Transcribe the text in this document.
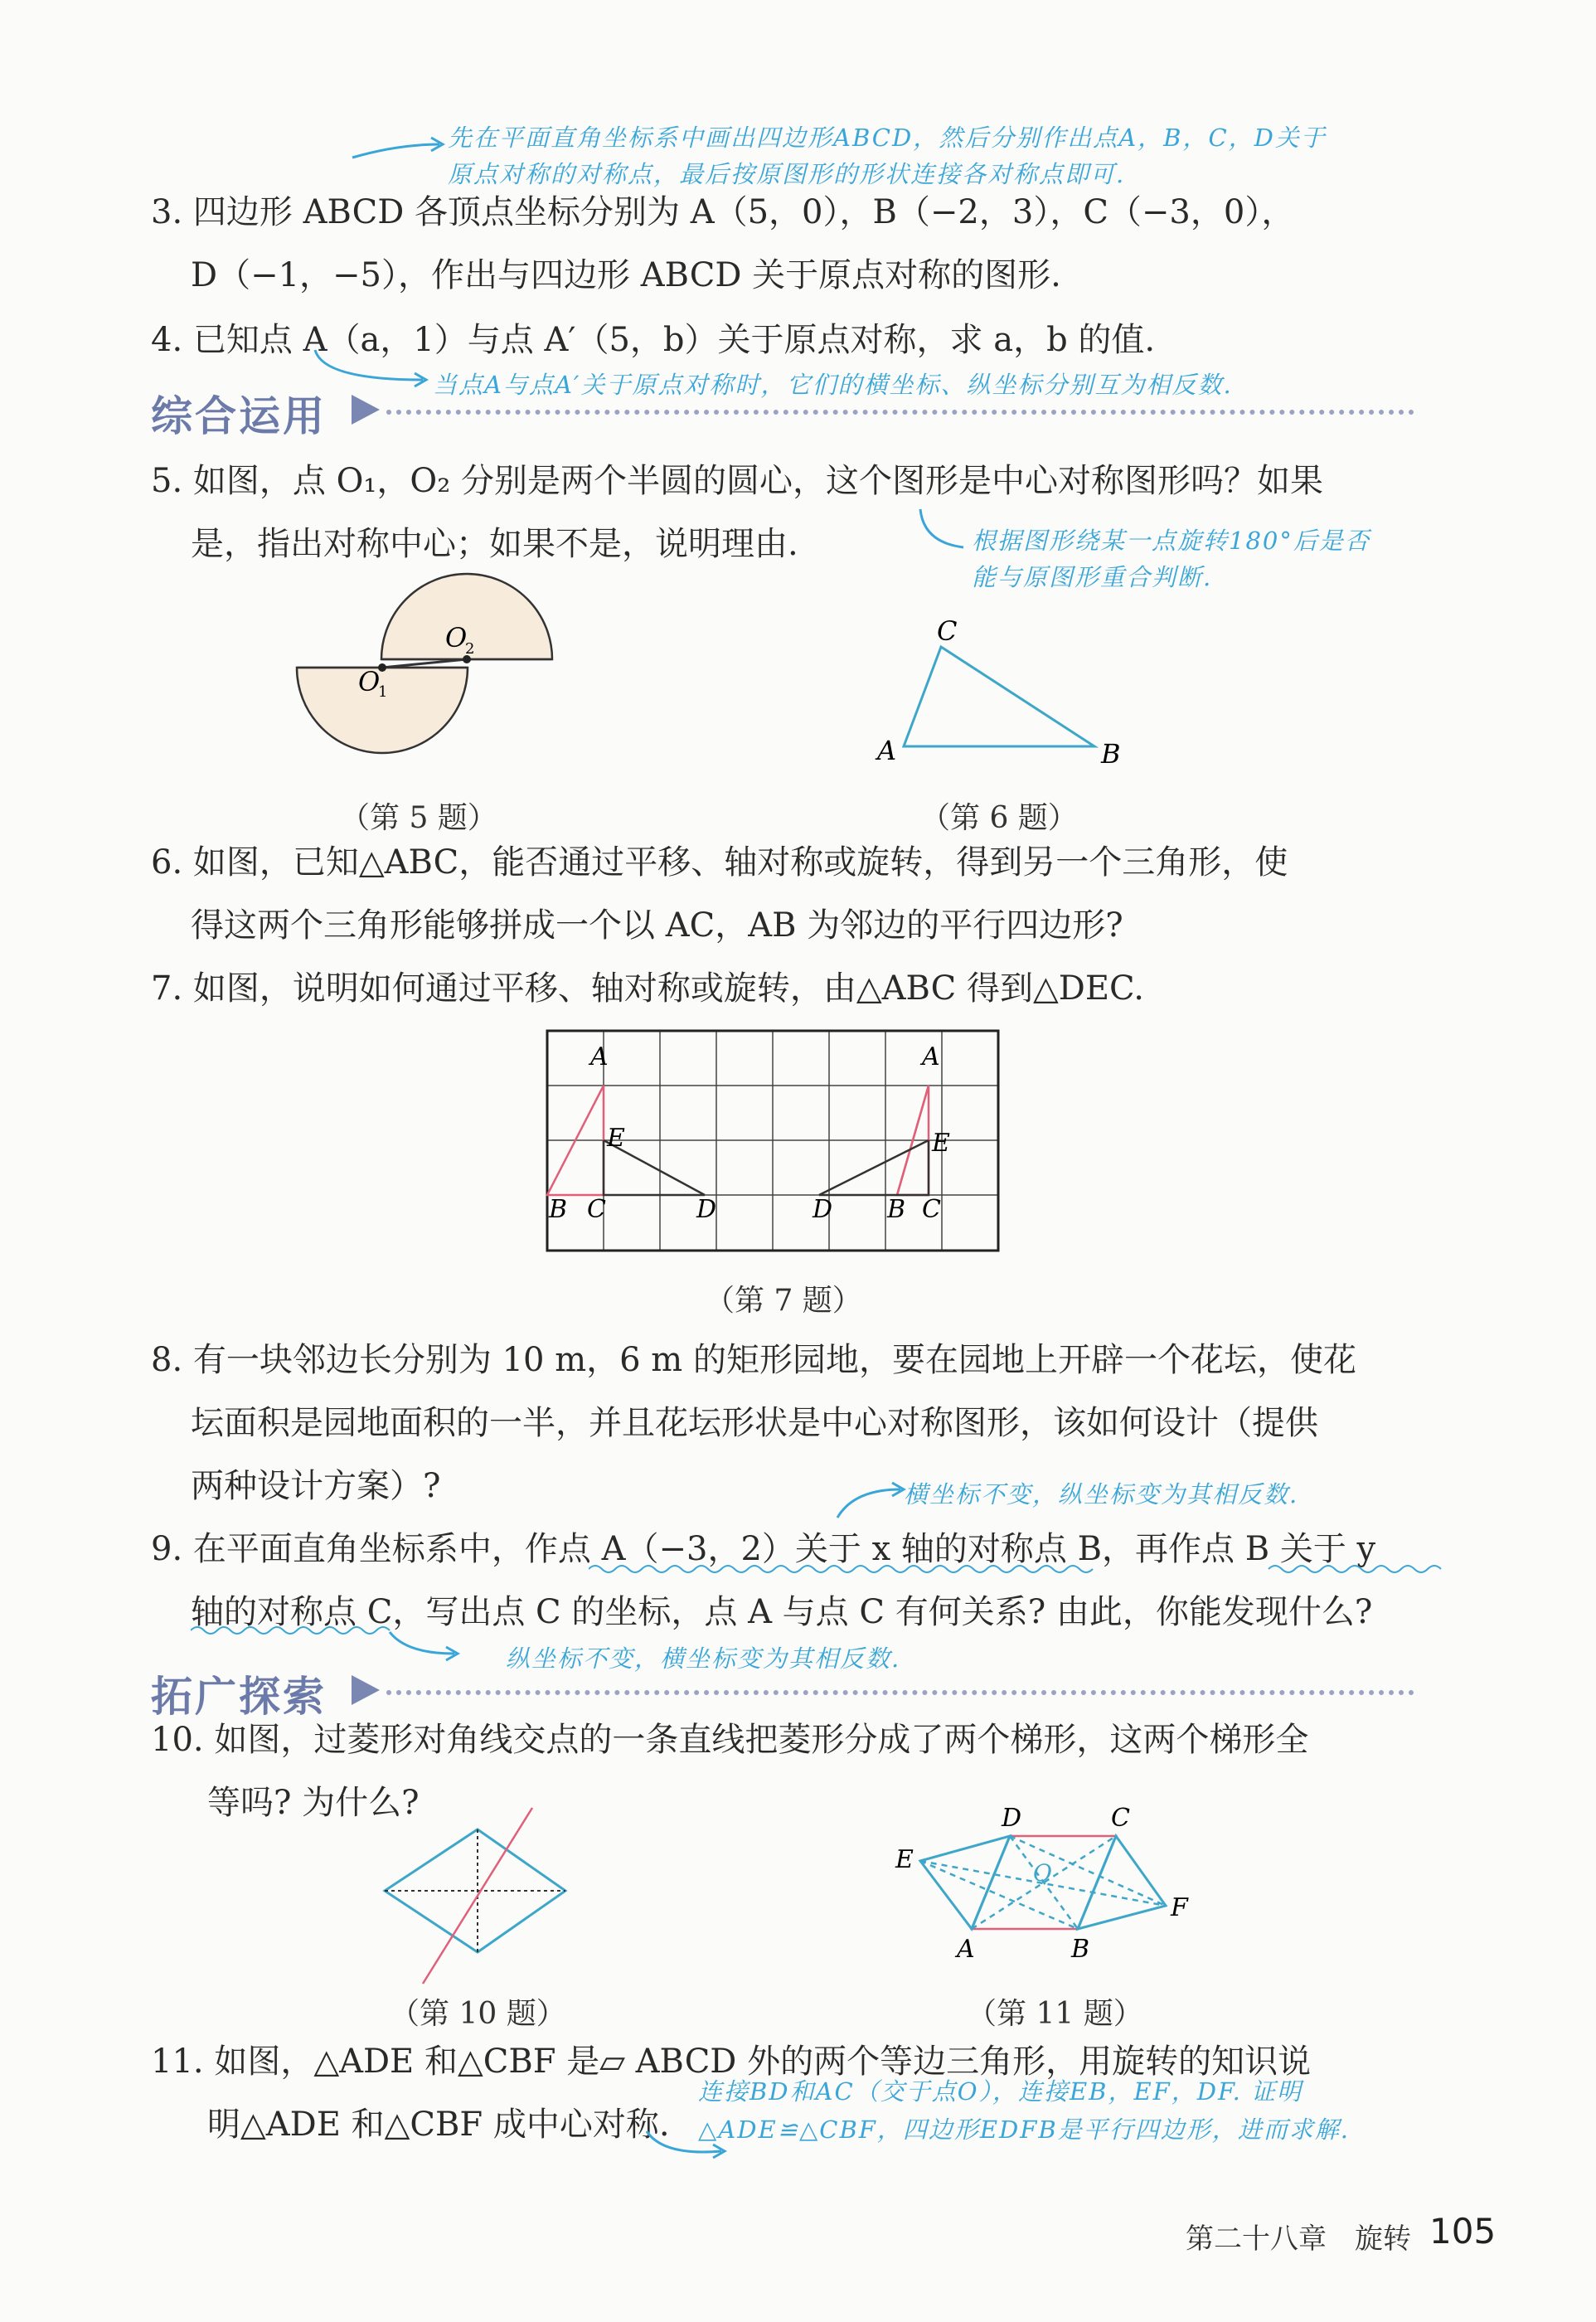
先在平面直角坐标系中画出四边形ABCD，然后分别作出点A，B，C，D关于
原点对称的对称点，最后按原图形的形状连接各对称点即可.
3. 四边形 ABCD 各顶点坐标分别为 A（5，0），B（−2，3），C（−3，0），
D（−1，−5），作出与四边形 ABCD 关于原点对称的图形.
4. 已知点 A（a，1）与点 A′（5，b）关于原点对称，求 a，b 的值.
当点A与点A′关于原点对称时，它们的横坐标、纵坐标分别互为相反数.
综合运用
5. 如图，点 O₁，O₂ 分别是两个半圆的圆心，这个图形是中心对称图形吗？如果
是，指出对称中心；如果不是，说明理由.	根据图形绕某一点旋转180°后是否
能与原图形重合判断.
O
1
O
2
C
A	B
（第 5 题）	（第 6 题）
6. 如图，已知△ABC，能否通过平移、轴对称或旋转，得到另一个三角形，使
得这两个三角形能够拼成一个以 AC，AB 为邻边的平行四边形?
7. 如图，说明如何通过平移、轴对称或旋转，由△ABC 得到△DEC.
A
E
B C	D
A
E
D B C
（第 7 题）
8. 有一块邻边长分别为 10 m，6 m 的矩形园地，要在园地上开辟一个花坛，使花
坛面积是园地面积的一半，并且花坛形状是中心对称图形，该如何设计（提供
两种设计方案）?	横坐标不变，纵坐标变为其相反数.
9. 在平面直角坐标系中，作点 A（−3，2）关于 x 轴的对称点 B，再作点 B 关于 y
轴的对称点 C，写出点 C 的坐标，点 A 与点 C 有何关系? 由此，你能发现什么?
纵坐标不变，横坐标变为其相反数.
拓广探索
10. 如图，过菱形对角线交点的一条直线把菱形分成了两个梯形，这两个梯形全
等吗? 为什么?	D	C
E	O
F
A	B
（第 10 题）	（第 11 题）
11. 如图，△ADE 和△CBF 是▱ ABCD 外的两个等边三角形，用旋转的知识说
明△ADE 和△CBF 成中心对称.
连接BD和AC（交于点O），连接EB，EF，DF. 证明
△ADE≌△CBF，四边形EDFB是平行四边形，进而求解.
第二十八章　旋转 105
